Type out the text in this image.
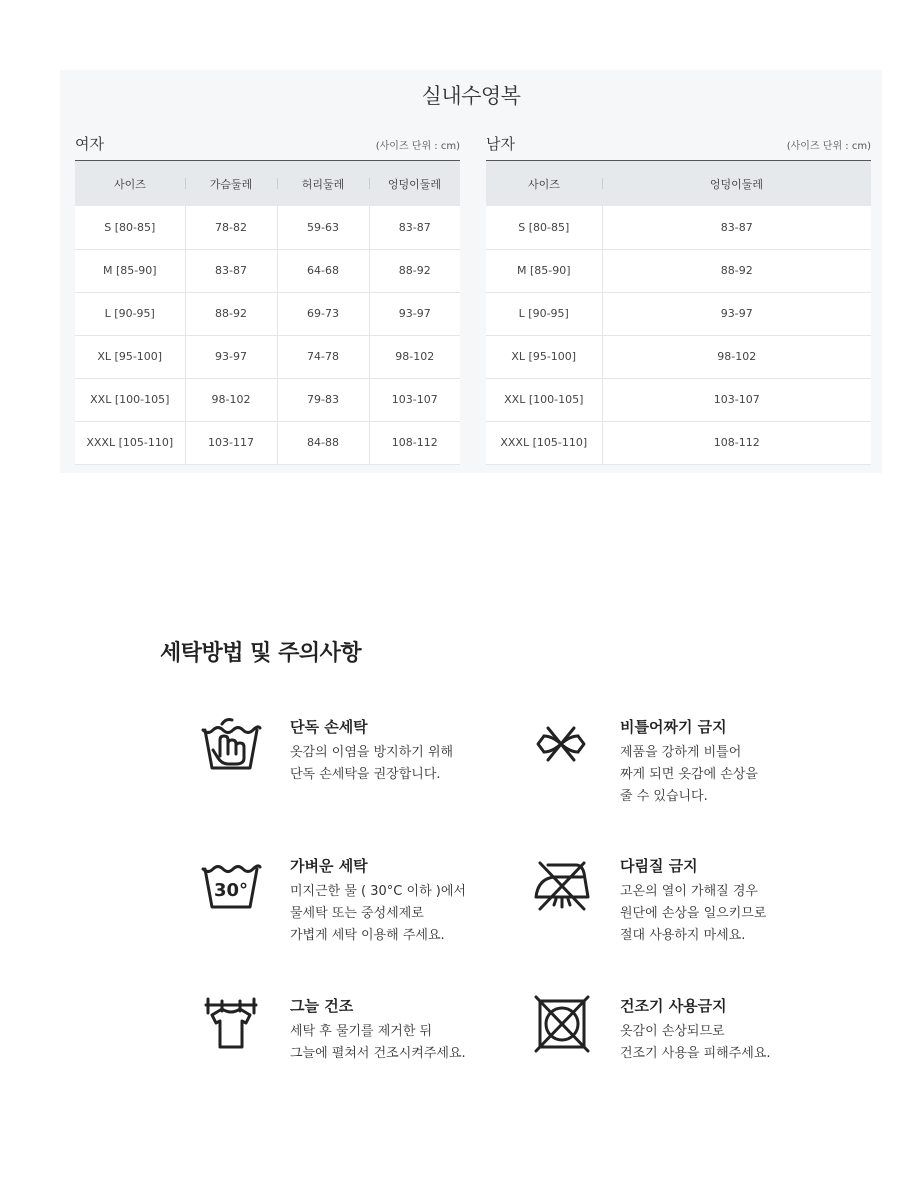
실내수영복
여자	(사이즈 단위 : cm)
사이즈	가슴둘레	허리둘레	엉덩이둘레
S [80-85]	78-82	59-63	83-87
M [85-90]	83-87	64-68	88-92
L [90-95]	88-92	69-73	93-97
XL [95-100]	93-97	74-78	98-102
XXL [100-105]	98-102	79-83	103-107
XXXL [105-110]	103-117	84-88	108-112
남자	(사이즈 단위 : cm)
사이즈	엉덩이둘레
S [80-85]	83-87
M [85-90]	88-92
L [90-95]	93-97
XL [95-100]	98-102
XXL [100-105]	103-107
XXXL [105-110]	108-112
세탁방법 및 주의사항
단독 손세탁
옷감의 이염을 방지하기 위해
단독 손세탁을 권장합니다.
비틀어짜기 금지
제품을 강하게 비틀어
짜게 되면 옷감에 손상을
줄 수 있습니다.
30°
가벼운 세탁
미지근한 물 ( 30°C 이하 )에서
물세탁 또는 중성세제로
가볍게 세탁 이용해 주세요.
다림질 금지
고온의 열이 가해질 경우
원단에 손상을 일으키므로
절대 사용하지 마세요.
그늘 건조
세탁 후 물기를 제거한 뒤
그늘에 펼쳐서 건조시켜주세요.
건조기 사용금지
옷감이 손상되므로
건조기 사용을 피해주세요.
